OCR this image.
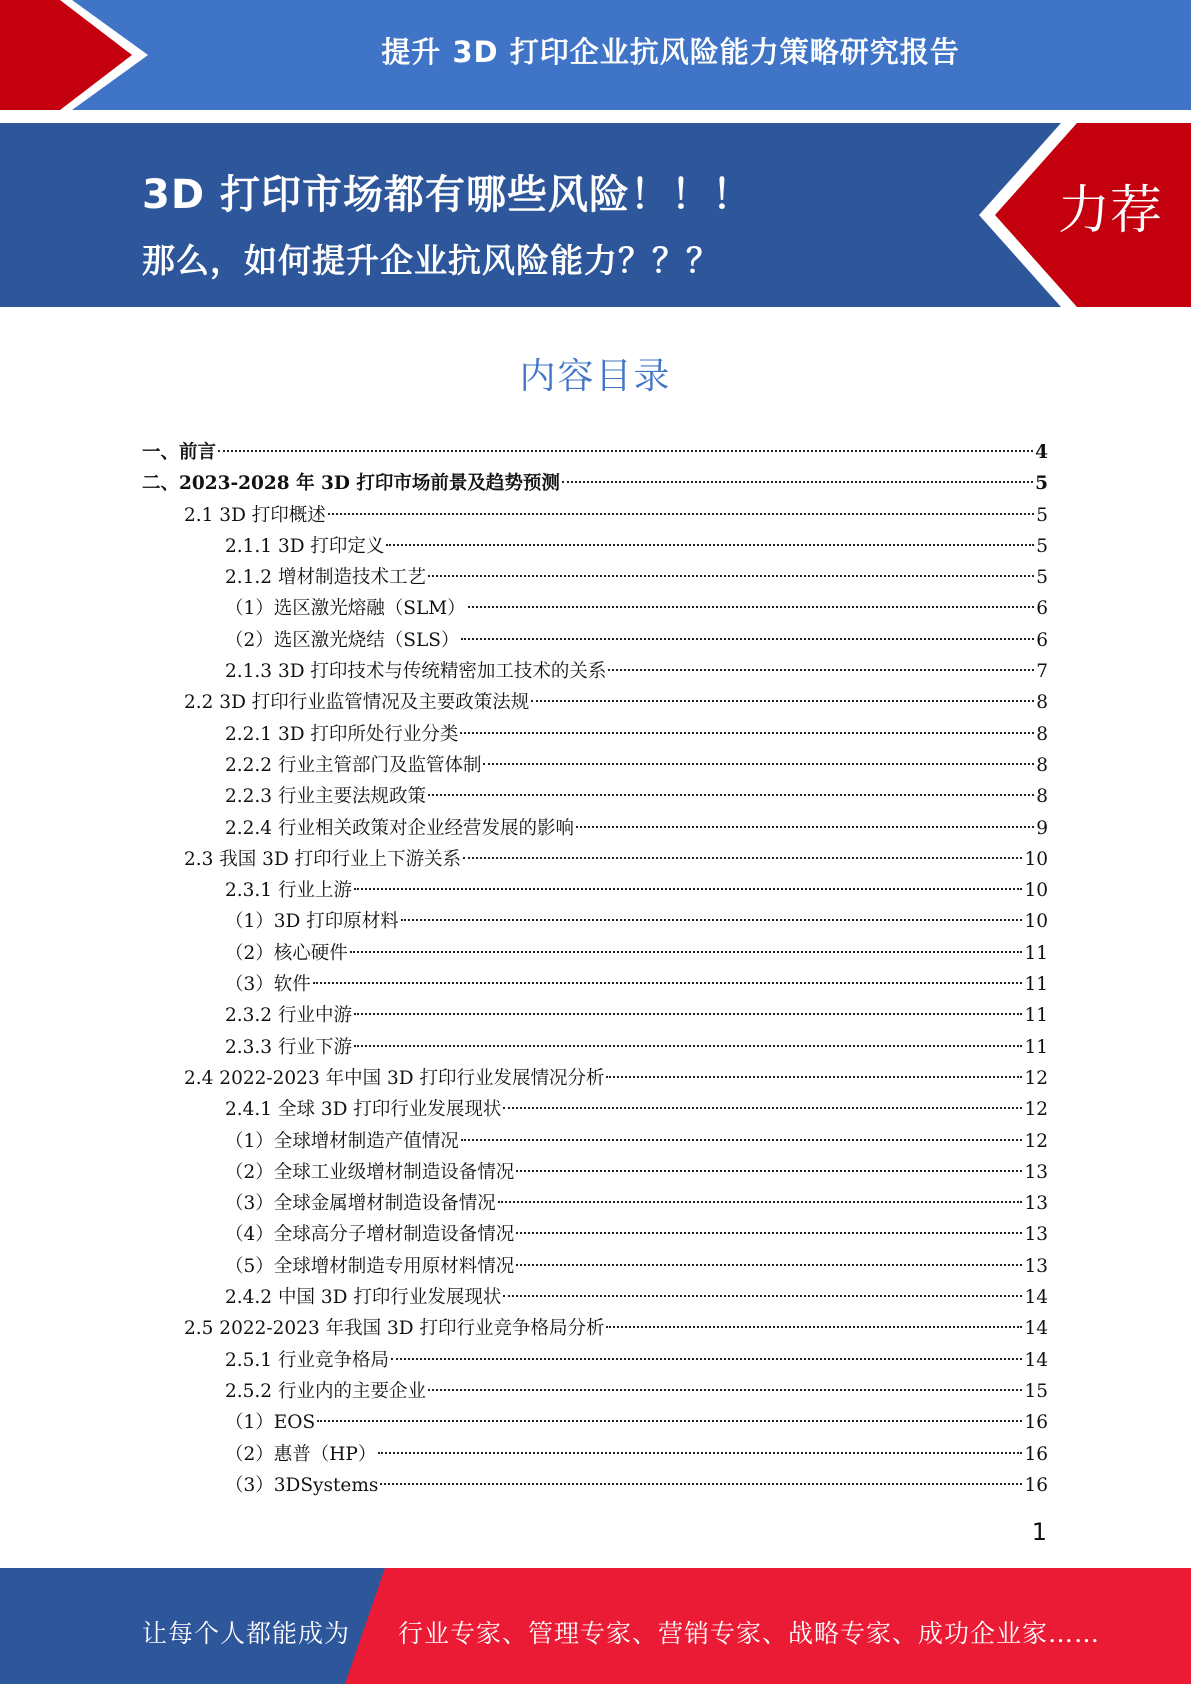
提升 3D 打印企业抗风险能力策略研究报告
3D 打印市场都有哪些风险！！！
那么，如何提升企业抗风险能力？？？
力荐
内容目录
一、前言	4
二、2023-2028 年 3D 打印市场前景及趋势预测	5
2.1 3D 打印概述	5
2.1.1 3D 打印定义	5
2.1.2 增材制造技术工艺	5
（1）选区激光熔融（SLM）	6
（2）选区激光烧结（SLS）	6
2.1.3 3D 打印技术与传统精密加工技术的关系	7
2.2 3D 打印行业监管情况及主要政策法规	8
2.2.1 3D 打印所处行业分类	8
2.2.2 行业主管部门及监管体制	8
2.2.3 行业主要法规政策	8
2.2.4 行业相关政策对企业经营发展的影响	9
2.3 我国 3D 打印行业上下游关系	10
2.3.1 行业上游	10
（1）3D 打印原材料	10
（2）核心硬件	11
（3）软件	11
2.3.2 行业中游	11
2.3.3 行业下游	11
2.4 2022-2023 年中国 3D 打印行业发展情况分析	12
2.4.1 全球 3D 打印行业发展现状	12
（1）全球增材制造产值情况	12
（2）全球工业级增材制造设备情况	13
（3）全球金属增材制造设备情况	13
（4）全球高分子增材制造设备情况	13
（5）全球增材制造专用原材料情况	13
2.4.2 中国 3D 打印行业发展现状	14
2.5 2022-2023 年我国 3D 打印行业竞争格局分析	14
2.5.1 行业竞争格局	14
2.5.2 行业内的主要企业	15
（1）EOS	16
（2）惠普（HP）	16
（3）3DSystems	16
1
让每个人都能成为 行业专家、管理专家、营销专家、战略专家、成功企业家……
